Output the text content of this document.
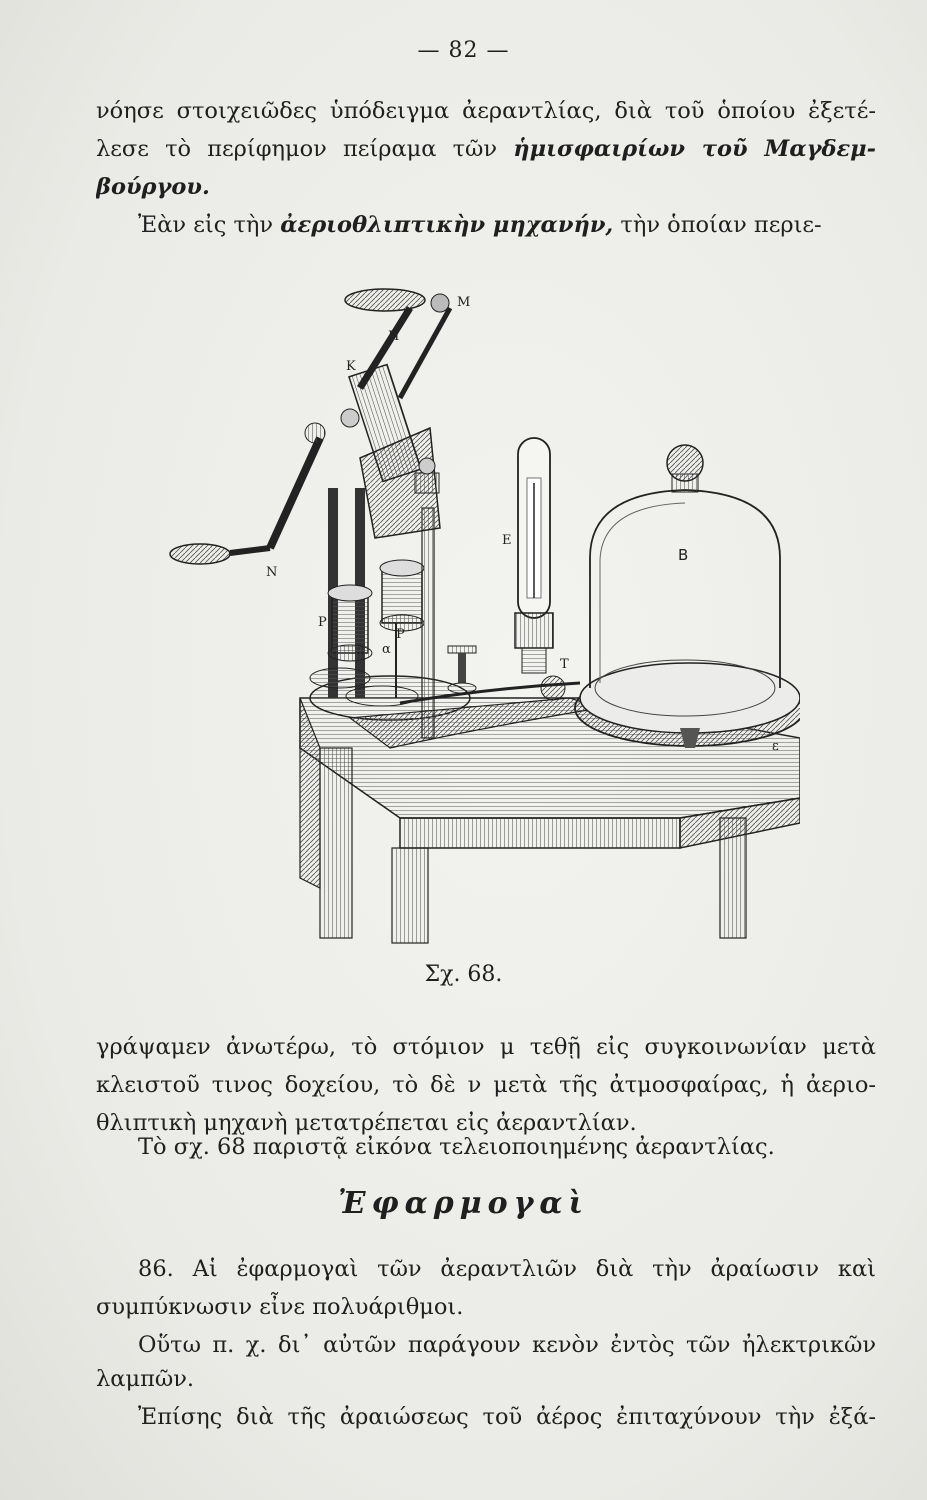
— 82 —
νόησε στοιχειῶδες ὑπόδειγμα ἀεραντλίας, διὰ τοῦ ὁποίου ἐξετέ-
λεσε τὸ περίφημον πείραμα τῶν ἡμισφαιρίων τοῦ Μαγδεμ-
βούργου.
Ἐὰν εἰς τὴν ἀεριοθλιπτικὴν μηχανήν, τὴν ὁποίαν περιε-
Μ
Π
K
Ν
Ε
B
Ρ
Ρ
α
Τ
ε
Σχ. 68.
γράψαμεν ἀνωτέρω, τὸ στόμιον μ τεθῇ εἰς συγκοινωνίαν μετὰ
κλειστοῦ τινος δοχείου, τὸ δὲ ν μετὰ τῆς ἀτμοσφαίρας, ἡ ἀεριο-
θλιπτικὴ μηχανὴ μετατρέπεται εἰς ἀεραντλίαν.
Τὸ σχ. 68 παριστᾷ εἰκόνα τελειοποιημένης ἀεραντλίας.
Ἐφαρμογαὶ
86. Αἱ ἐφαρμογαὶ τῶν ἀεραντλιῶν διὰ τὴν ἀραίωσιν καὶ
συμπύκνωσιν εἶνε πολυάριθμοι.
Οὕτω π. χ. δι᾽ αὐτῶν παράγουν κενὸν ἐντὸς τῶν ἠλεκτρικῶν
λαμπῶν.
Ἐπίσης διὰ τῆς ἀραιώσεως τοῦ ἀέρος ἐπιταχύνουν τὴν ἐξά-
